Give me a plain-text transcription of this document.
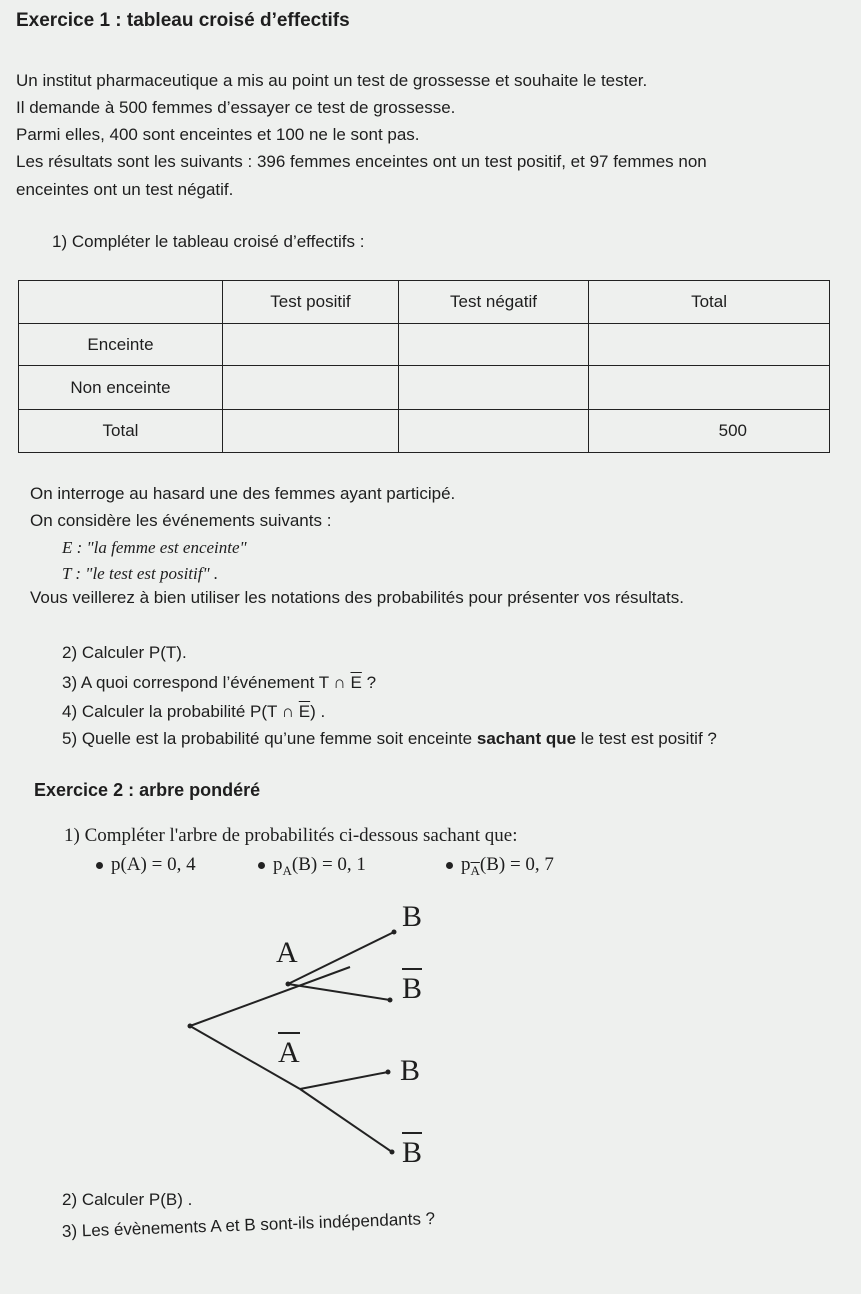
Exercice 1 : tableau croisé d’effectifs
Un institut pharmaceutique a mis au point un test de grossesse et souhaite le tester.
Il demande à 500 femmes d’essayer ce test de grossesse.
Parmi elles, 400 sont enceintes et 100 ne le sont pas.
Les résultats sont les suivants : 396 femmes enceintes ont un test positif, et 97 femmes non
enceintes ont un test négatif.
1) Compléter le tableau croisé d’effectifs :
	Test positif	Test négatif	Total
Enceinte			
Non enceinte			
Total			500
On interroge au hasard une des femmes ayant participé.
On considère les événements suivants :
E : "la femme est enceinte"
T : "le test est positif" .
Vous veillerez à bien utiliser les notations des probabilités pour présenter vos résultats.
2) Calculer P(T).
3) A quoi correspond l’événement T ∩ $\overline{E}$ ?
4) Calculer la probabilité P(T ∩ $\overline{E}$) .
5) Quelle est la probabilité qu’une femme soit enceinte sachant que le test est positif ?
Exercice 2 : arbre pondéré
1) Compléter l'arbre de probabilités ci-dessous sachant que:
p(A) = 0, 4	$p_A(B) = 0$, 1	$p_{\overline{A}}(B) = 0$, 7
A
A
B
B
B
B
2) Calculer P(B) .
3) Les évènements A et B sont-ils indépendants ?
